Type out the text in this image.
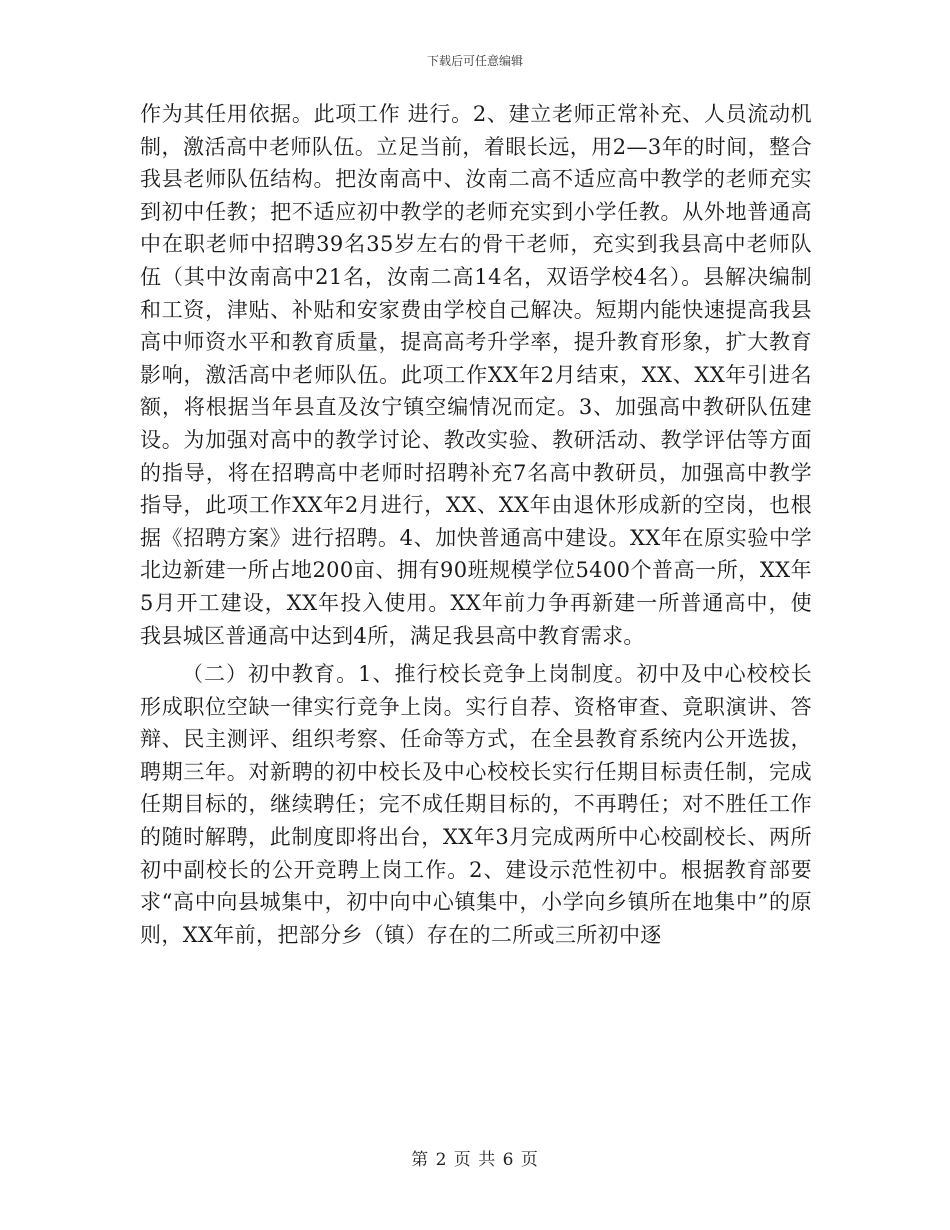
下载后可任意编辑

作为其任用依据。此项工作 进行。2、建立老师正常补充、人员流动机制，激活高中老师队伍。立足当前，着眼长远，用2—3年的时间，整合我县老师队伍结构。把汝南高中、汝南二高不适应高中教学的老师充实到初中任教；把不适应初中教学的老师充实到小学任教。从外地普通高中在职老师中招聘39名35岁左右的骨干老师，充实到我县高中老师队伍（其中汝南高中21名，汝南二高14名，双语学校4名）。县解决编制和工资，津贴、补贴和安家费由学校自己解决。短期内能快速提高我县高中师资水平和教育质量，提高高考升学率，提升教育形象，扩大教育影响，激活高中老师队伍。此项工作XX年2月结束，XX、XX年引进名额，将根据当年县直及汝宁镇空编情况而定。3、加强高中教研队伍建设。为加强对高中的教学讨论、教改实验、教研活动、教学评估等方面的指导，将在招聘高中老师时招聘补充7名高中教研员，加强高中教学指导，此项工作XX年2月进行，XX、XX年由退休形成新的空岗，也根据《招聘方案》进行招聘。4、加快普通高中建设。XX年在原实验中学北边新建一所占地200亩、拥有90班规模学位5400个普高一所，XX年5月开工建设，XX年投入使用。XX年前力争再新建一所普通高中，使我县城区普通高中达到4所，满足我县高中教育需求。

（二）初中教育。1、推行校长竞争上岗制度。初中及中心校校长形成职位空缺一律实行竞争上岗。实行自荐、资格审查、竟职演讲、答辩、民主测评、组织考察、任命等方式，在全县教育系统内公开选拔，聘期三年。对新聘的初中校长及中心校校长实行任期目标责任制，完成任期目标的，继续聘任；完不成任期目标的，不再聘任；对不胜任工作的随时解聘，此制度即将出台，XX年3月完成两所中心校副校长、两所初中副校长的公开竞聘上岗工作。2、建设示范性初中。根据教育部要求“高中向县城集中，初中向中心镇集中，小学向乡镇所在地集中”的原则，XX年前，把部分乡（镇）存在的二所或三所初中逐

第 2 页 共 6 页
